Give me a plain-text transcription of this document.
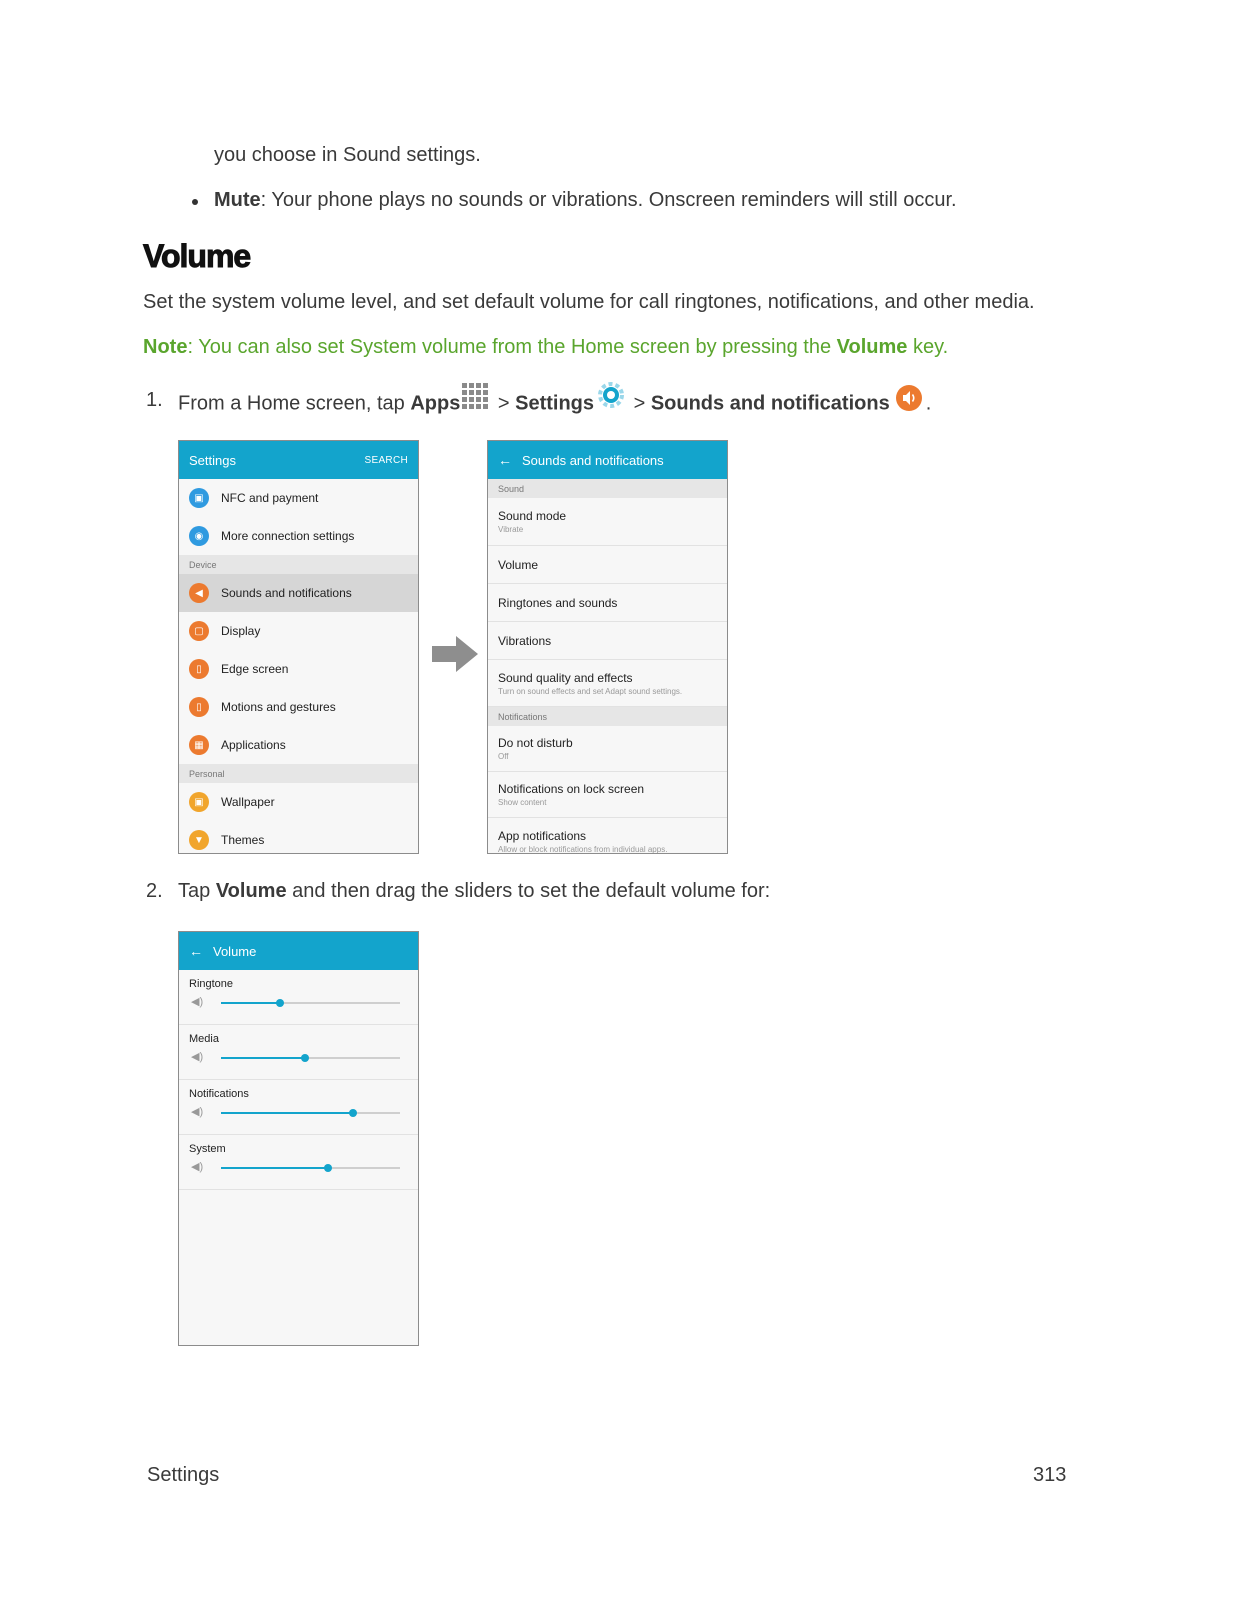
you choose in Sound settings.
Mute: Your phone plays no sounds or vibrations. Onscreen reminders will still occur.
Volume
Set the system volume level, and set default volume for call ringtones, notifications, and other media.
Note: You can also set System volume from the Home screen by pressing the Volume key.
1. From a Home screen, tap Apps > Settings > Sounds and notifications .
Settings	SEARCH
▣	NFC and payment
◉	More connection settings
Device
◀	Sounds and notifications
▢	Display
▯	Edge screen
▯	Motions and gestures
▦	Applications
Personal
▣	Wallpaper
▼	Themes
← Sounds and notifications
Sound
Sound mode
Vibrate
Volume
Ringtones and sounds
Vibrations
Sound quality and effects
Turn on sound effects and set Adapt sound settings.
Notifications
Do not disturb
Off
Notifications on lock screen
Show content
App notifications
Allow or block notifications from individual apps.
2. Tap Volume and then drag the sliders to set the default volume for:
← Volume
Ringtone
◀)
Media
◀)
Notifications
◀)
System
◀)
Settings	313
